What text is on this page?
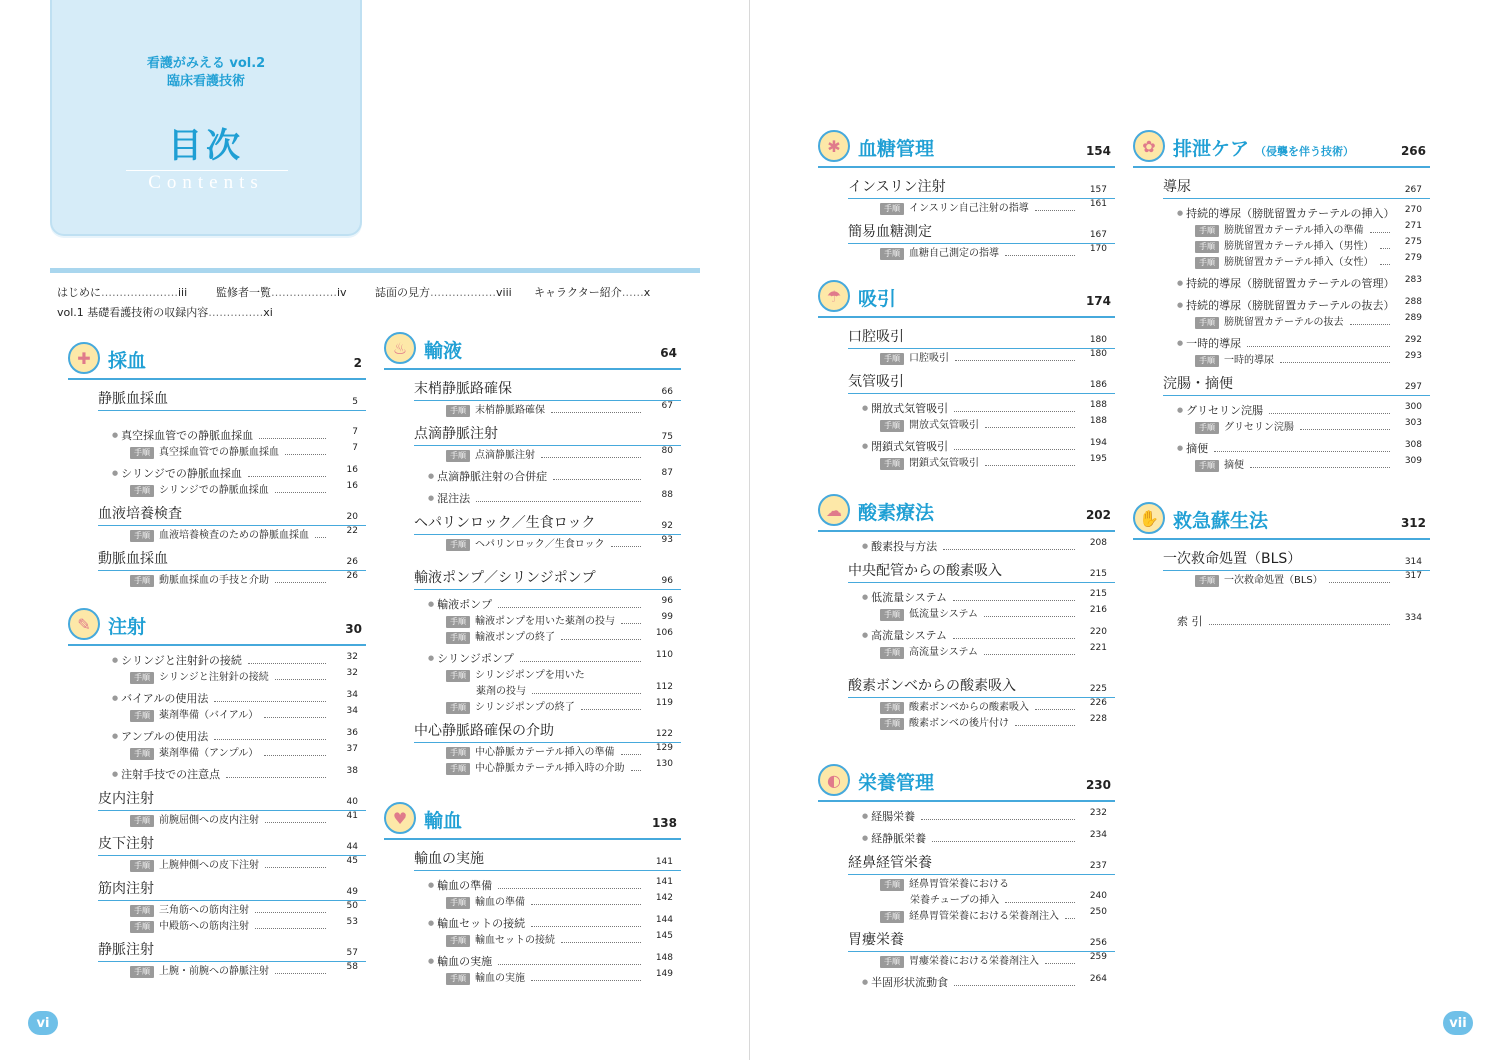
看護がみえる vol.2
臨床看護技術
目次
Contents
はじめに…………………iii	監修者一覧………………iv	誌面の見方………………viii キャラクター紹介……x
vol.1 基礎看護技術の収録内容……………xi
vi	vii
✚ 採血	2
静脈血採血	5
● 真空採血管での静脈血採血	7
手順 真空採血管での静脈血採血	7
● シリンジでの静脈血採血	16
手順 シリンジでの静脈血採血	16
血液培養検査	20
手順 血液培養検査のための静脈血採血	22
動脈血採血	26
手順 動脈血採血の手技と介助	26
✎ 注射	30
● シリンジと注射針の接続	32
手順 シリンジと注射針の接続	32
● バイアルの使用法	34
手順 薬剤準備（バイアル）	34
● アンプルの使用法	36
手順 薬剤準備（アンプル）	37
● 注射手技での注意点	38
皮内注射	40
手順 前腕屈側への皮内注射	41
皮下注射	44
手順 上腕伸側への皮下注射	45
筋肉注射	49
手順 三角筋への筋肉注射	50
手順 中殿筋への筋肉注射	53
静脈注射	57
手順 上腕・前腕への静脈注射	58
♨ 輸液	64
末梢静脈路確保	66
手順 末梢静脈路確保	67
点滴静脈注射	75
手順 点滴静脈注射	80
● 点滴静脈注射の合併症	87
● 混注法	88
ヘパリンロック／生食ロック	92
手順 ヘパリンロック／生食ロック	93
輸液ポンプ／シリンジポンプ	96
● 輸液ポンプ	96
手順 輸液ポンプを用いた薬剤の投与	99
手順 輸液ポンプの終了	106
● シリンジポンプ	110
手順 シリンジポンプを用いた
薬剤の投与	112
手順 シリンジポンプの終了	119
中心静脈路確保の介助	122
手順 中心静脈カテーテル挿入の準備	129
手順 中心静脈カテーテル挿入時の介助	130
♥ 輸血	138
輸血の実施	141
● 輸血の準備	141
手順 輸血の準備	142
● 輸血セットの接続	144
手順 輸血セットの接続	145
● 輸血の実施	148
手順 輸血の実施	149
✱ 血糖管理	154
インスリン注射	157
手順 インスリン自己注射の指導	161
簡易血糖測定	167
手順 血糖自己測定の指導	170
☂ 吸引	174
口腔吸引	180
手順 口腔吸引	180
気管吸引	186
● 開放式気管吸引	188
手順 開放式気管吸引	188
● 閉鎖式気管吸引	194
手順 閉鎖式気管吸引	195
☁ 酸素療法	202
● 酸素投与方法	208
中央配管からの酸素吸入	215
● 低流量システム	215
手順 低流量システム	216
● 高流量システム	220
手順 高流量システム	221
酸素ボンベからの酸素吸入	225
手順 酸素ボンベからの酸素吸入	226
手順 酸素ボンベの後片付け	228
◐ 栄養管理	230
● 経腸栄養	232
● 経静脈栄養	234
経鼻経管栄養	237
手順 経鼻胃管栄養における
栄養チューブの挿入	240
手順 経鼻胃管栄養における栄養剤注入	250
胃瘻栄養	256
手順 胃瘻栄養における栄養剤注入	259
● 半固形状流動食	264
✿ 排泄ケア （侵襲を伴う技術）	266
導尿	267
● 持続的導尿（膀胱留置カテーテルの挿入） 270
手順 膀胱留置カテーテル挿入の準備	271
手順 膀胱留置カテーテル挿入（男性）	275
手順 膀胱留置カテーテル挿入（女性）	279
● 持続的導尿（膀胱留置カテーテルの管理） 283
● 持続的導尿（膀胱留置カテーテルの抜去） 288
手順 膀胱留置カテーテルの抜去	289
● 一時的導尿	292
手順 一時的導尿	293
浣腸・摘便	297
● グリセリン浣腸	300
手順 グリセリン浣腸	303
● 摘便	308
手順 摘便	309
✋ 救急蘇生法	312
一次救命処置（BLS）	314
手順 一次救命処置（BLS）	317
索 引	334
